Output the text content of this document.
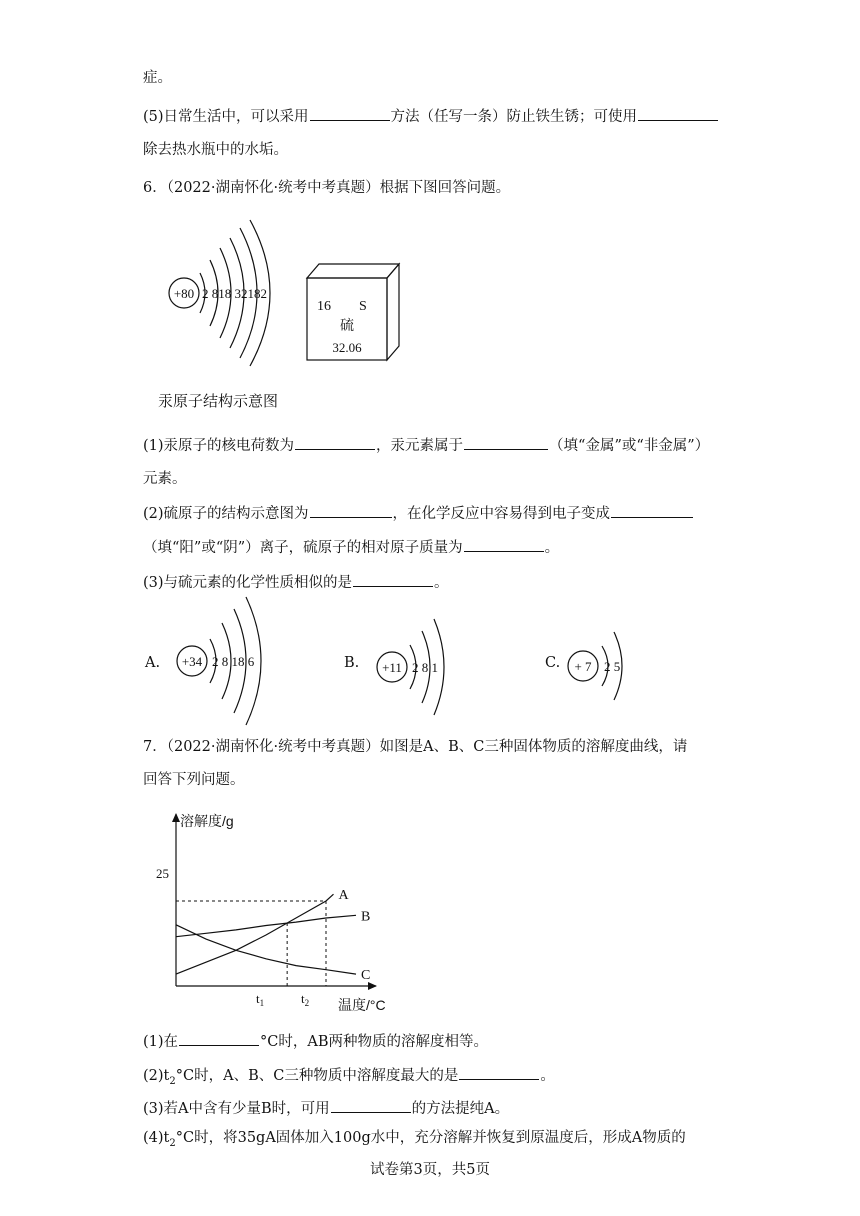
症。
(5)日常生活中，可以采用	方法（任写一条）防止铁生锈；可使用
除去热水瓶中的水垢。
6．（2022·湖南怀化·统考中考真题）根据下图回答问题。
+80 2 818 32182
16 S
硫
32.06
汞原子结构示意图
(1)汞原子的核电荷数为	，汞元素属于	（填“金属”或“非金属”）
元素。
(2)硫原子的结构示意图为	，在化学反应中容易得到电子变成
（填“阳”或“阴”）离子，硫原子的相对原子质量为	。
(3)与硫元素的化学性质相似的是	。
A. +34 2 8 18 6	B. +11 2 8 1	C. + 7 2 5
7．（2022·湖南怀化·统考中考真题）如图是A、B、C三种固体物质的溶解度曲线，请
回答下列问题。
溶解度/g
温度/°C
25
$t_1$	$t_2$
A
B
C
(1)在	°C时，AB两种物质的溶解度相等。
$(2)t_2^\circ C$时，A、B、C三种物质中溶解度最大的是	。
(3)若A中含有少量B时，可用	的方法提纯A。
$(4)t_2^\circ C$时，将35gA固体加入100g水中，充分溶解并恢复到原温度后，形成A物质的
试卷第3页，共5页
